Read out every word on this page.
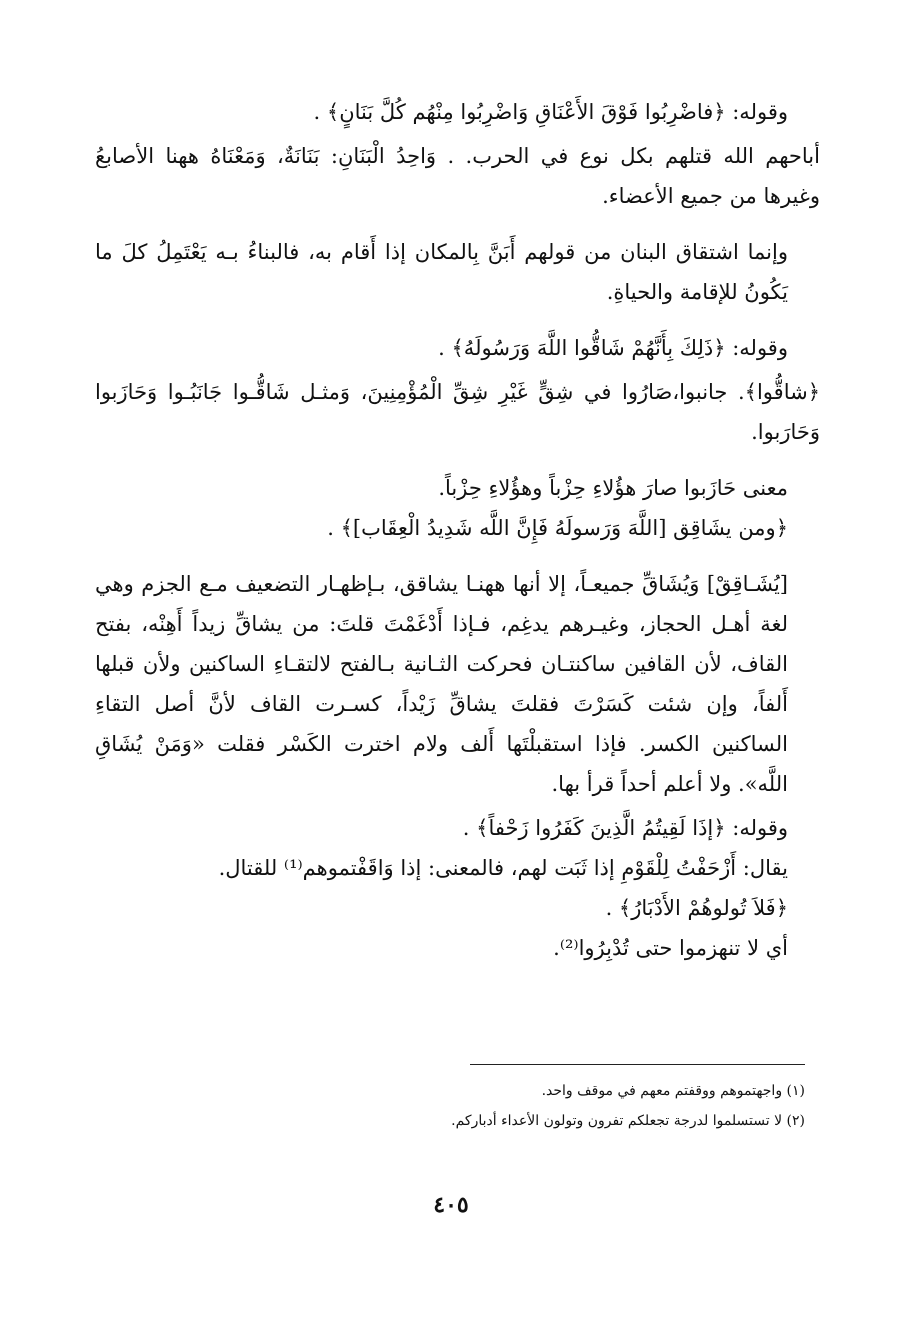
وقوله: ﴿فاضْرِبُوا فَوْقَ الأَعْنَاقِ وَاضْرِبُوا مِنْهُم كُلَّ بَنَانٍ﴾ .

أباحهم الله قتلهم بكل نوع في الحرب. . وَاحِدُ الْبَنَانِ: بَنَانَةٌ، وَمَعْنَاهُ ههنا الأصابعُ وغيرها من جميع الأعضاء.

وإنما اشتقاق البنان من قولهم أَبَنَّ بِالمكان إذا أَقام به، فالبناءُ بـه يَعْتَمِلُ كلَ ما يَكُونُ للإقامة والحياةِ.

وقوله: ﴿ذَلِكَ بِأَنَّهُمْ شَاقُّوا اللَّهَ وَرَسُولَهُ﴾ .

﴿شاقُّوا﴾. جانبوا،صَارُوا في شِقٍّ غَيْرِ شِقِّ الْمُؤْمِنِينَ، وَمثـل شَاقُّـوا جَانَبُـوا وَحَازَبوا وَحَارَبوا.

معنى حَازَبوا صارَ هؤُلاءِ حِزْباً وهؤُلاءِ حِزْباً.

﴿ومن يشَاقِق [اللَّهَ وَرَسولَهُ فَإِنَّ اللَّه شَدِيدُ الْعِقَاب]﴾ .

[يُشَـاقِقْ] وَيُشَاقِّ جميعـاً، إلا أنها ههنـا يشاقق، بـإظهـار التضعيف مـع الجزم وهي لغة أهـل الحجاز، وغيـرهم يدغِم، فـإذا أَدْغَمْتَ قلتَ: من يشاقِّ زيداً أَهِنْه، بفتح القاف، لأن القافين ساكنتـان فحركت الثـانية بـالفتح لالتقـاءِ الساكنين ولأن قبلها أَلفاً، وإن شئت كَسَرْتَ فقلتَ يشاقِّ زَيْداً، كسـرت القاف لأنَّ أصل التقاءِ الساكنين الكسر. فإذا استقبلْتَها أَلف ولام اخترت الكَسْر فقلت «وَمَنْ يُشَاقِ اللَّه». ولا أعلم أحداً قرأ بها.

وقوله: ﴿إذَا لَقِيتُمُ الَّذِينَ كَفَرُوا زَحْفاً﴾ .

يقال: أَزْحَفْتُ لِلْقَوْمِ إذا ثَبَت لهم، فالمعنى: إذا وَاقَفْتموهم⁽¹⁾ للقتال.

﴿فَلاَ تُولوهُمْ الأَدْبَارُ﴾ .

أي لا تنهزموا حتى تُدْبِرُوا⁽²⁾.

(١) واجهتموهم ووقفتم معهم في موقف واحد.

(٢) لا تستسلموا لدرجة تجعلكم تفرون وتولون الأعداء أدباركم.

٤٠٥
